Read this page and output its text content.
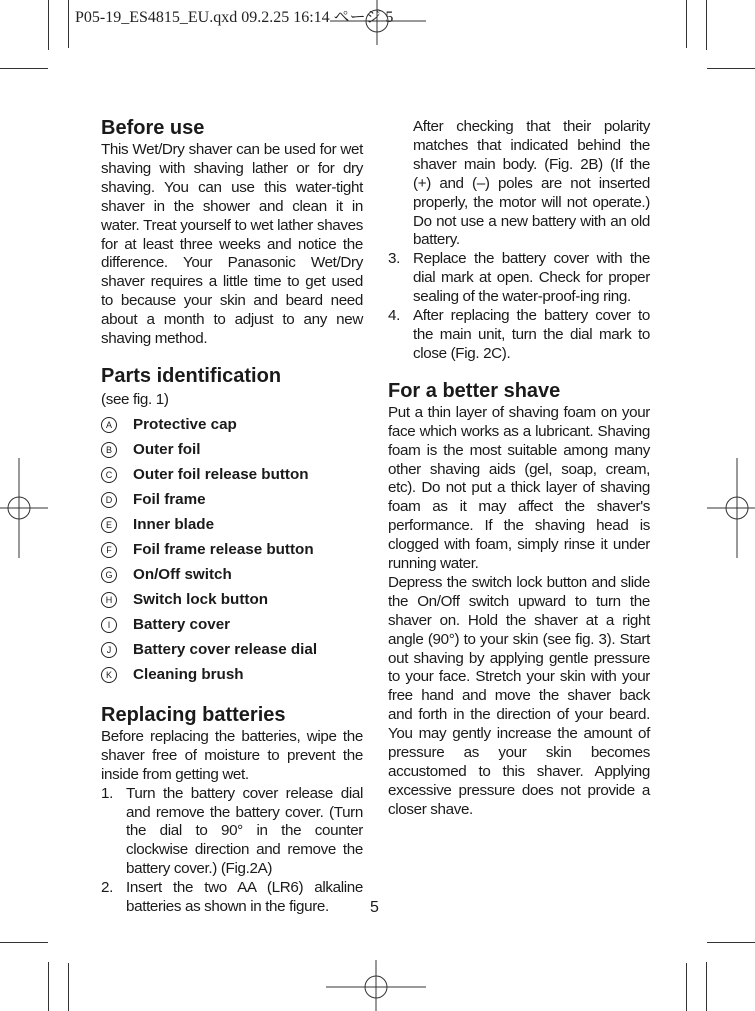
P05-19_ES4815_EU.qxd 09.2.25 16:14 ページ 5
Before use

This Wet/Dry shaver can be used for wet shaving with shaving lather or for dry shaving. You can use this water-tight shaver in the shower and clean it in water. Treat yourself to wet lather shaves for at least three weeks and notice the difference. Your Panasonic Wet/Dry shaver requires a little time to get used to because your skin and beard need about a month to adjust to any new shaving method.

Parts identification

(see fig. 1)

A	Protective cap
B	Outer foil
C	Outer foil release button
D	Foil frame
E	Inner blade
F	Foil frame release button
G On/Off switch
H	Switch lock button
I	Battery cover
J	Battery cover release dial
K	Cleaning brush
Replacing batteries

Before replacing the batteries, wipe the shaver free of moisture to prevent the inside from getting wet.

1. Turn the battery cover release dial and remove the battery cover. (Turn the dial to 90° in the counter clockwise direction and remove the battery cover.) (Fig.2A)
2. Insert the two AA (LR6) alkaline batteries as shown in the figure.

After checking that their polarity matches that indicated behind the shaver main body. (Fig. 2B) (If the (+) and (–) poles are not inserted properly, the motor will not operate.) Do not use a new battery with an old battery.

3. Replace the battery cover with the dial mark at open. Check for proper sealing of the water-proof-ing ring.
4. After replacing the battery cover to the main unit, turn the dial mark to close (Fig. 2C).
For a better shave

Put a thin layer of shaving foam on your face which works as a lubricant. Shaving foam is the most suitable among many other shaving aids (gel, soap, cream, etc). Do not put a thick layer of shaving foam as it may affect the shaver's performance. If the shaving head is clogged with foam, simply rinse it under running water.

Depress the switch lock button and slide the On/Off switch upward to turn the shaver on. Hold the shaver at a right angle (90°) to your skin (see fig. 3). Start out shaving by applying gentle pressure to your face. Stretch your skin with your free hand and move the shaver back and forth in the direction of your beard. You may gently increase the amount of pressure as your skin becomes accustomed to this shaver. Applying excessive pressure does not provide a closer shave.

5
